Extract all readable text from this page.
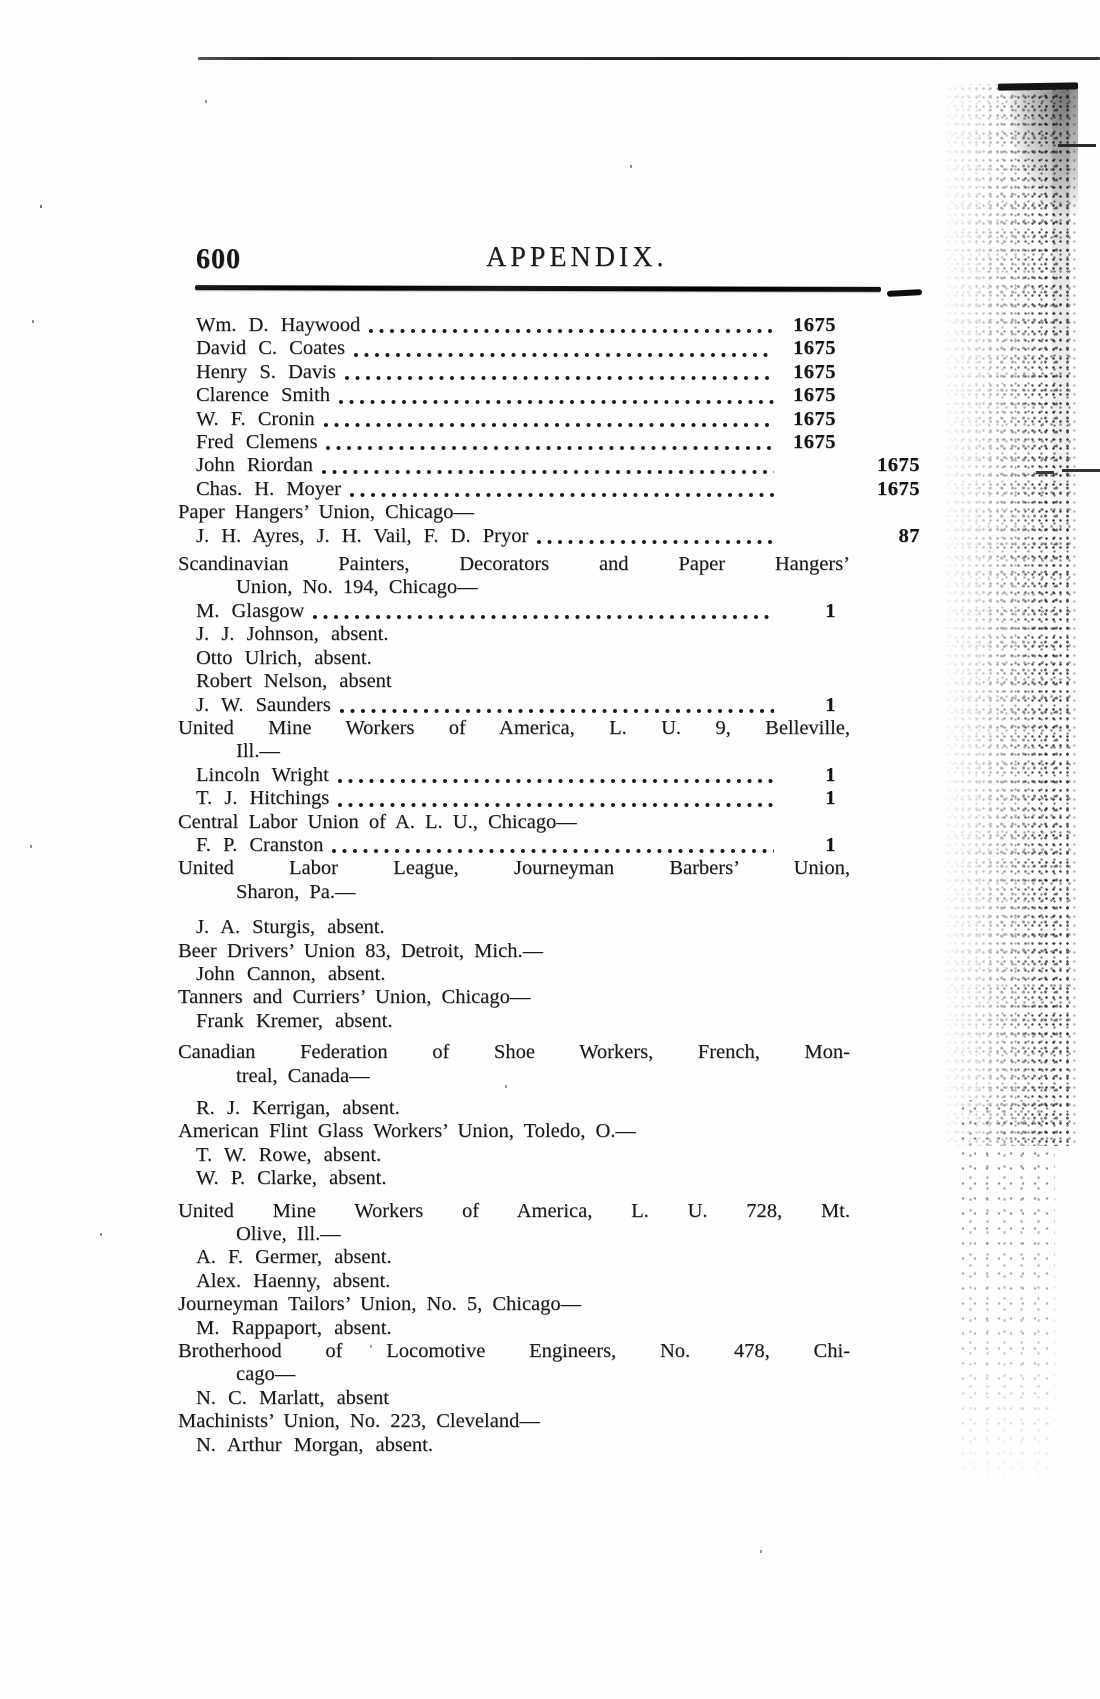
600	APPENDIX.
Wm. D. Haywood	1675
David C. Coates	1675
Henry S. Davis	1675
Clarence Smith	1675
W. F. Cronin	1675
Fred Clemens	1675
John Riordan	1675
Chas. H. Moyer	1675
Paper Hangers’ Union, Chicago—
J. H. Ayres, J. H. Vail, F. D. Pryor	87
Scandinavian Painters, Decorators and Paper Hangers’
Union, No. 194, Chicago—
M. Glasgow	1
J. J. Johnson, absent.
Otto Ulrich, absent.
Robert Nelson, absent
J. W. Saunders	1
United Mine Workers of America, L. U. 9, Belleville,
Ill.—
Lincoln Wright	1
T. J. Hitchings	1
Central Labor Union of A. L. U., Chicago—
F. P. Cranston	1
United Labor League, Journeyman Barbers’ Union,
Sharon, Pa.—
J. A. Sturgis, absent.
Beer Drivers’ Union 83, Detroit, Mich.—
John Cannon, absent.
Tanners and Curriers’ Union, Chicago—
Frank Kremer, absent.
Canadian Federation of Shoe Workers, French, Mon-
treal, Canada—
R. J. Kerrigan, absent.
American Flint Glass Workers’ Union, Toledo, O.—
T. W. Rowe, absent.
W. P. Clarke, absent.
United Mine Workers of America, L. U. 728, Mt.
Olive, Ill.—
A. F. Germer, absent.
Alex. Haenny, absent.
Journeyman Tailors’ Union, No. 5, Chicago—
M. Rappaport, absent.
Brotherhood of Locomotive Engineers, No. 478, Chi-
cago—
N. C. Marlatt, absent
Machinists’ Union, No. 223, Cleveland—
N. Arthur Morgan, absent.
